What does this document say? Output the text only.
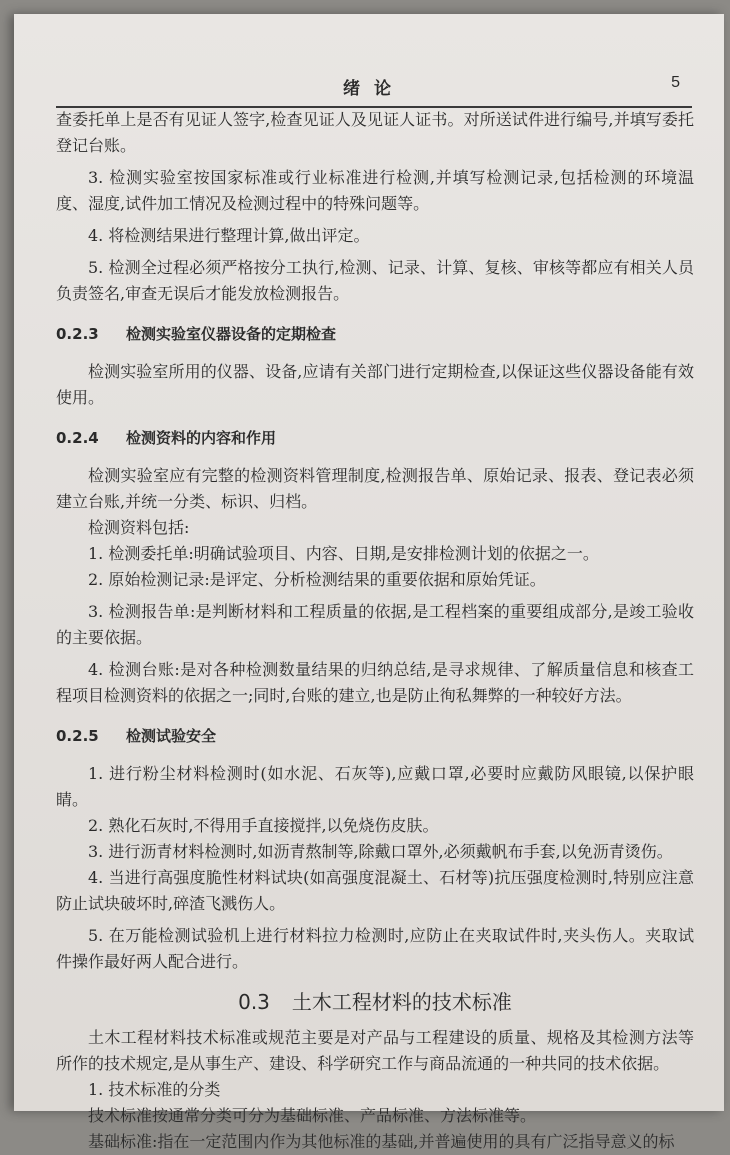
绪论	5

查委托单上是否有见证人签字,检查见证人及见证人证书。对所送试件进行编号,并填写委托登记台账。

3. 检测实验室按国家标准或行业标准进行检测,并填写检测记录,包括检测的环境温度、湿度,试件加工情况及检测过程中的特殊问题等。

4. 将检测结果进行整理计算,做出评定。

5. 检测全过程必须严格按分工执行,检测、记录、计算、复核、审核等都应有相关人员负责签名,审查无误后才能发放检测报告。

0.2.3 检测实验室仪器设备的定期检查

检测实验室所用的仪器、设备,应请有关部门进行定期检查,以保证这些仪器设备能有效使用。

0.2.4 检测资料的内容和作用

检测实验室应有完整的检测资料管理制度,检测报告单、原始记录、报表、登记表必须建立台账,并统一分类、标识、归档。

检测资料包括:

1. 检测委托单:明确试验项目、内容、日期,是安排检测计划的依据之一。

2. 原始检测记录:是评定、分析检测结果的重要依据和原始凭证。

3. 检测报告单:是判断材料和工程质量的依据,是工程档案的重要组成部分,是竣工验收的主要依据。

4. 检测台账:是对各种检测数量结果的归纳总结,是寻求规律、了解质量信息和核查工程项目检测资料的依据之一;同时,台账的建立,也是防止徇私舞弊的一种较好方法。

0.2.5 检测试验安全

1. 进行粉尘材料检测时(如水泥、石灰等),应戴口罩,必要时应戴防风眼镜,以保护眼睛。

2. 熟化石灰时,不得用手直接搅拌,以免烧伤皮肤。

3. 进行沥青材料检测时,如沥青熬制等,除戴口罩外,必须戴帆布手套,以免沥青烫伤。

4. 当进行高强度脆性材料试块(如高强度混凝土、石材等)抗压强度检测时,特别应注意防止试块破坏时,碎渣飞溅伤人。

5. 在万能检测试验机上进行材料拉力检测时,应防止在夹取试件时,夹头伤人。夹取试件操作最好两人配合进行。

0.3 土木工程材料的技术标准

土木工程材料技术标准或规范主要是对产品与工程建设的质量、规格及其检测方法等所作的技术规定,是从事生产、建设、科学研究工作与商品流通的一种共同的技术依据。

1. 技术标准的分类

技术标准按通常分类可分为基础标准、产品标准、方法标准等。

基础标准:指在一定范围内作为其他标准的基础,并普遍使用的具有广泛指导意义的标
